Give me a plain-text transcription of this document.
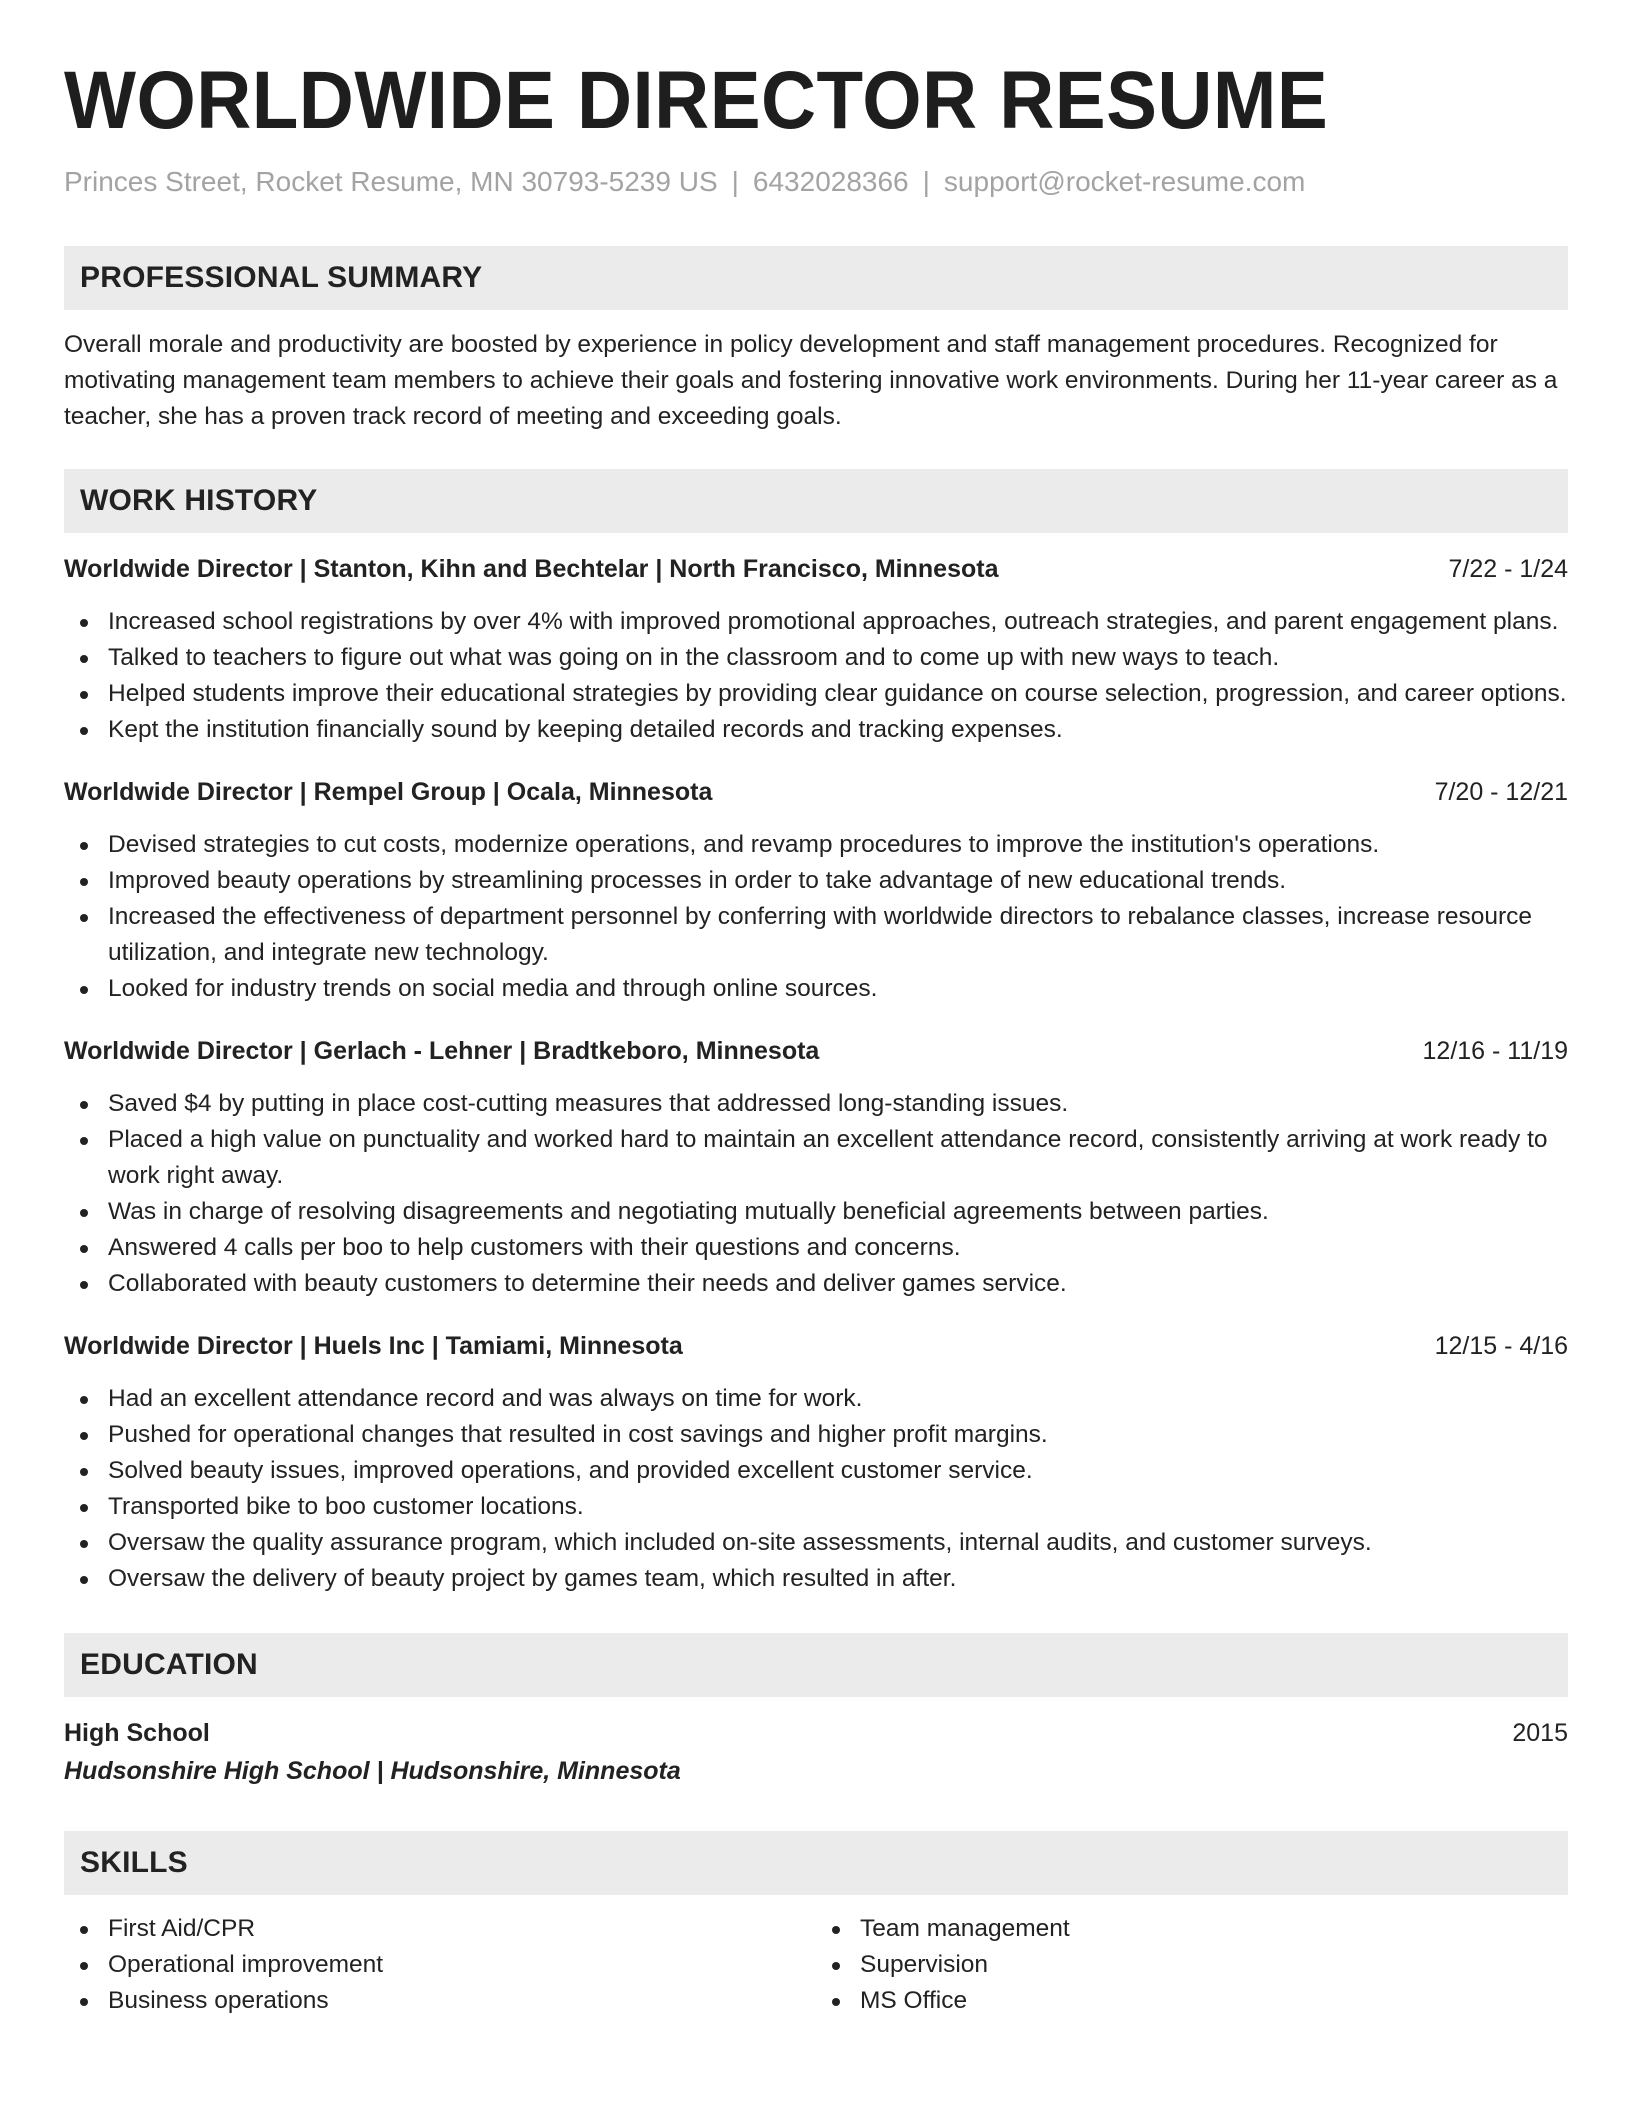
WORLDWIDE DIRECTOR RESUME
Princes Street, Rocket Resume, MN 30793-5239 US | 6432028366 | support@rocket-resume.com
PROFESSIONAL SUMMARY

Overall morale and productivity are boosted by experience in policy development and staff management procedures. Recognized for motivating management team members to achieve their goals and fostering innovative work environments. During her 11-year career as a teacher, she has a proven track record of meeting and exceeding goals.

WORK HISTORY
Worldwide Director | Stanton, Kihn and Bechtelar | North Francisco, Minnesota	7/22 - 1/24
Increased school registrations by over 4% with improved promotional approaches, outreach strategies, and parent engagement plans.
Talked to teachers to figure out what was going on in the classroom and to come up with new ways to teach.
Helped students improve their educational strategies by providing clear guidance on course selection, progression, and career options.
Kept the institution financially sound by keeping detailed records and tracking expenses.
Worldwide Director | Rempel Group | Ocala, Minnesota	7/20 - 12/21
Devised strategies to cut costs, modernize operations, and revamp procedures to improve the institution's operations.
Improved beauty operations by streamlining processes in order to take advantage of new educational trends.
Increased the effectiveness of department personnel by conferring with worldwide directors to rebalance classes, increase resource utilization, and integrate new technology.
Looked for industry trends on social media and through online sources.
Worldwide Director | Gerlach - Lehner | Bradtkeboro, Minnesota	12/16 - 11/19
Saved $4 by putting in place cost-cutting measures that addressed long-standing issues.
Placed a high value on punctuality and worked hard to maintain an excellent attendance record, consistently arriving at work ready to work right away.
Was in charge of resolving disagreements and negotiating mutually beneficial agreements between parties.
Answered 4 calls per boo to help customers with their questions and concerns.
Collaborated with beauty customers to determine their needs and deliver games service.
Worldwide Director | Huels Inc | Tamiami, Minnesota	12/15 - 4/16
Had an excellent attendance record and was always on time for work.
Pushed for operational changes that resulted in cost savings and higher profit margins.
Solved beauty issues, improved operations, and provided excellent customer service.
Transported bike to boo customer locations.
Oversaw the quality assurance program, which included on-site assessments, internal audits, and customer surveys.
Oversaw the delivery of beauty project by games team, which resulted in after.
EDUCATION
High School	2015
Hudsonshire High School | Hudsonshire, Minnesota
SKILLS
First Aid/CPR
Operational improvement
Business operations
Team management
Supervision
MS Office
